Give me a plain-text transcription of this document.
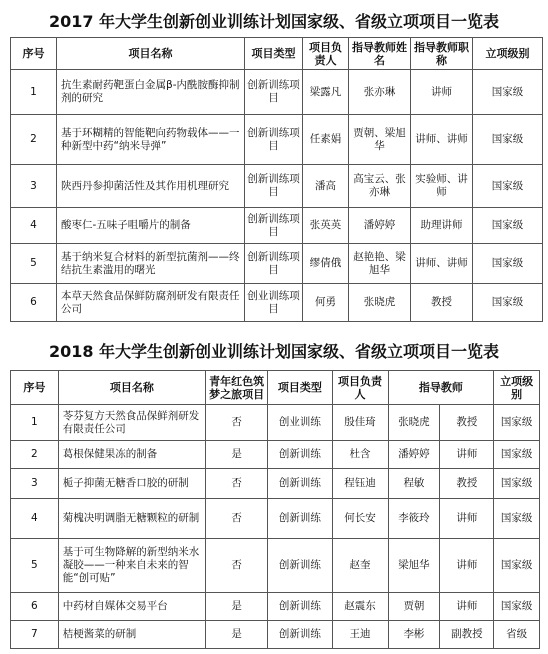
2017 年大学生创新创业训练计划国家级、省级立项项目一览表
序号	项目名称	项目类型	项目负责人	指导教师姓名	指导教师职称	立项级别
1	抗生素耐药靶蛋白金属β-内酰胺酶抑制剂的研究	创新训练项目	梁露凡	张亦琳	讲师	国家级
2	基于环糊精的智能靶向药物载体——一种新型中药“纳米导弹”	创新训练项目	任素娟	贾朝、梁旭华	讲师、讲师	国家级
3	陕西丹参抑菌活性及其作用机理研究	创新训练项目	潘高	高宝云、张亦琳	实验师、讲师	国家级
4	酸枣仁-五味子咀嚼片的制备	创新训练项目	张英英	潘婷婷	助理讲师	国家级
5	基于纳米复合材料的新型抗菌剂——终结抗生素滥用的曙光	创新训练项目	缪倩俄	赵艳艳、梁旭华	讲师、讲师	国家级
6	本草天然食品保鲜防腐剂研发有限责任公司	创业训练项目	何勇	张晓虎	教授	国家级
2018 年大学生创新创业训练计划国家级、省级立项项目一览表
序号	项目名称	青年红色筑梦之旅项目	项目类型	项目负责人	指导教师		立项级别
1	苓芬复方天然食品保鲜剂研发有限责任公司	否	创业训练	殷佳琦	张晓虎	教授	国家级
2	葛根保健果冻的制备	是	创新训练	杜含	潘婷婷	讲师	国家级
3	栀子抑菌无糖香口胶的研制	否	创新训练	程钰迪	程敏	教授	国家级
4	菊槐决明调脂无糖颗粒的研制	否	创新训练	何长安	李筱玲	讲师	国家级
5	基于可生物降解的新型纳米水凝胶——一种来自未来的智能“创可贴”	否	创新训练	赵奎	梁旭华	讲师	国家级
6	中药材自媒体交易平台	是	创新训练	赵震东	贾朝	讲师	国家级
7	桔梗酱菜的研制	是	创新训练	王迪	李彬	副教授	省级
